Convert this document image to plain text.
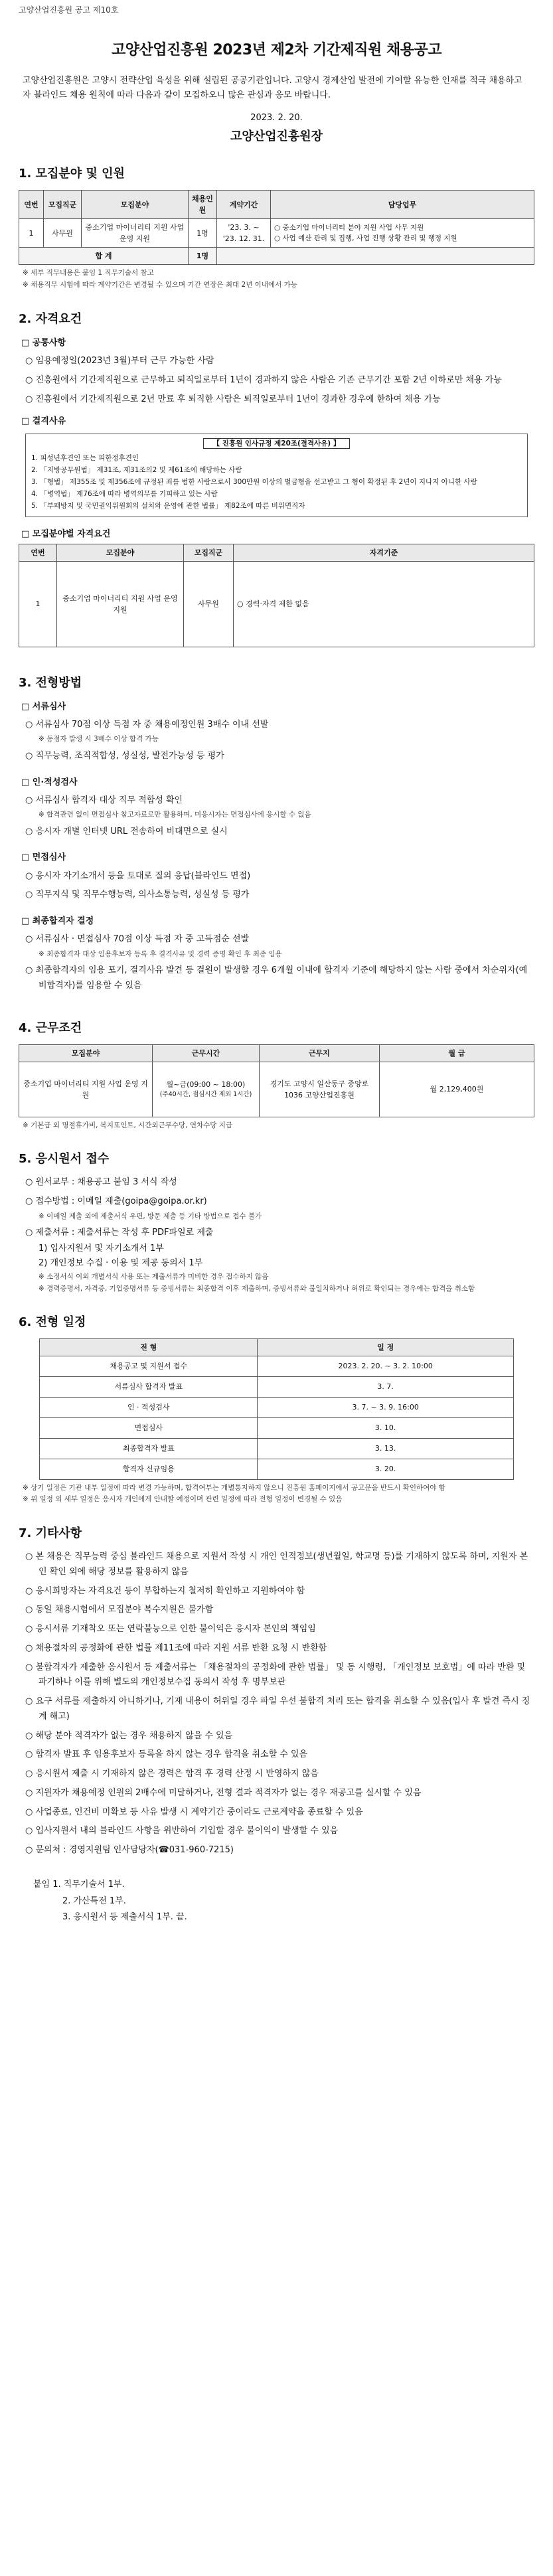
고양산업진흥원 공고 제10호
고양산업진흥원 2023년 제2차 기간제직원 채용공고
고양산업진흥원은 고양시 전략산업 육성을 위해 설립된 공공기관입니다. 고양시 경제산업 발전에 기여할 유능한 인재를 적극 채용하고자 블라인드 채용 원칙에 따라 다음과 같이 모집하오니 많은 관심과 응모 바랍니다.
2023. 2. 20.
고양산업진흥원장
1. 모집분야 및 인원
연번	모집직군	모집분야	채용인원	계약기간	담당업무
1	사무원	중소기업 마이너리티 지원 사업 운영 지원	1명	'23. 3. ~ '23. 12. 31.	○ 중소기업 마이너리티 분야 지원 사업 사무 지원
○ 사업 예산 관리 및 집행, 사업 진행 상황 관리 및 행정 지원

합 계			1명		
※ 세부 직무내용은 붙임 1 직무기술서 참고
※ 채용직무 시험에 따라 계약기간은 변경될 수 있으며 기간 연장은 최대 2년 이내에서 가능
2. 자격요건
□ 공통사항
○ 임용예정일(2023년 3월)부터 근무 가능한 사람
○ 진흥원에서 기간제직원으로 근무하고 퇴직일로부터 1년이 경과하지 않은 사람은 기존 근무기간 포함 2년 이하로만 채용 가능
○ 진흥원에서 기간제직원으로 2년 만료 후 퇴직한 사람은 퇴직일로부터 1년이 경과한 경우에 한하여 채용 가능
□ 결격사유
【 진흥원 인사규정 제20조(결격사유) 】
1. 피성년후견인 또는 피한정후견인
2. 「지방공무원법」 제31조, 제31조의2 및 제61조에 해당하는 사람
3. 「형법」 제355조 및 제356조에 규정된 죄를 범한 사람으로서 300만원 이상의 벌금형을 선고받고 그 형이 확정된 후 2년이 지나지 아니한 사람
4. 「병역법」 제76조에 따라 병역의무를 기피하고 있는 사람
5. 「부패방지 및 국민권익위원회의 설치와 운영에 관한 법률」 제82조에 따른 비위면직자
□ 모집분야별 자격요건
연번	모집분야	모집직군	자격기준
1	중소기업 마이너리티 지원 사업 운영 지원	사무원	○ 경력·자격 제한 없음
3. 전형방법
□ 서류심사
○ 서류심사 70점 이상 득점 자 중 채용예정인원 3배수 이내 선발
※ 동점자 발생 시 3배수 이상 합격 가능
○ 직무능력, 조직적합성, 성실성, 발전가능성 등 평가
□ 인·적성검사
○ 서류심사 합격자 대상 직무 적합성 확인
※ 합격관련 없이 면접심사 참고자료로만 활용하며, 미응시자는 면접심사에 응시할 수 없음
○ 응시자 개별 인터넷 URL 전송하여 비대면으로 실시
□ 면접심사
○ 응시자 자기소개서 등을 토대로 질의 응답(블라인드 면접)
○ 직무지식 및 직무수행능력, 의사소통능력, 성실성 등 평가
□ 최종합격자 결정
○ 서류심사 · 면접심사 70점 이상 득점 자 중 고득점순 선발
※ 최종합격자 대상 임용후보자 등록 후 결격사유 및 경력 증명 확인 후 최종 임용
○ 최종합격자의 임용 포기, 결격사유 발견 등 결원이 발생할 경우 6개월 이내에 합격자 기준에 해당하지 않는 사람 중에서 차순위자(예비합격자)를 임용할 수 있음
4. 근무조건
모집분야	근무시간	근무지	월 급
중소기업 마이너리티 지원 사업 운영 지원	월~금(09:00 ~ 18:00)
(주40시간, 점심시간 제외 1시간)	경기도 고양시 일산동구 중앙로 1036 고양산업진흥원	월 2,129,400원
※ 기본급 외 명절휴가비, 복지포인트, 시간외근무수당, 연차수당 지급
5. 응시원서 접수
○ 원서교부 : 채용공고 붙임 3 서식 작성
○ 접수방법 : 이메일 제출(goipa@goipa.or.kr)
※ 이메일 제출 외에 제출서식 우편, 방문 제출 등 기타 방법으로 접수 불가
○ 제출서류 : 제출서류는 작성 후 PDF파일로 제출
1) 입사지원서 및 자기소개서 1부
2) 개인정보 수집 · 이용 및 제공 동의서 1부
※ 소정서식 이외 개별서식 사용 또는 제출서류가 미비한 경우 접수하지 않음
※ 경력증명서, 자격증, 기업증명서류 등 증빙서류는 최종합격 이후 제출하며, 증빙서류와 불일치하거나 허위로 확인되는 경우에는 합격을 취소함
6. 전형 일정
전 형	일 정
채용공고 및 지원서 접수	2023. 2. 20. ~ 3. 2. 10:00
서류심사 합격자 발표	3. 7.
인 · 적성검사	3. 7. ~ 3. 9. 16:00
면접심사	3. 10.
최종합격자 발표	3. 13.
합격자 신규임용	3. 20.
※ 상기 일정은 기관 내부 일정에 따라 변경 가능하며, 합격여부는 개별통지하지 않으니 진흥원 홈페이지에서 공고문을 반드시 확인하여야 함
※ 위 일정 외 세부 일정은 응시자 개인에게 안내할 예정이며 관련 일정에 따라 전형 일정이 변경될 수 있음
7. 기타사항
○ 본 채용은 직무능력 중심 블라인드 채용으로 지원서 작성 시 개인 인적정보(생년월일, 학교명 등)를 기재하지 않도록 하며, 지원자 본인 확인 외에 해당 정보를 활용하지 않음
○ 응시희망자는 자격요건 등이 부합하는지 철저히 확인하고 지원하여야 함
○ 동일 채용시험에서 모집분야 복수지원은 불가함
○ 응시서류 기재착오 또는 연락불능으로 인한 불이익은 응시자 본인의 책임임
○ 채용절차의 공정화에 관한 법률 제11조에 따라 지원 서류 반환 요청 시 반환함
○ 불합격자가 제출한 응시원서 등 제출서류는 「채용절차의 공정화에 관한 법률」 및 동 시행령, 「개인정보 보호법」에 따라 반환 및 파기하나 이를 위해 별도의 개인정보수집 동의서 작성 후 명부보관
○ 요구 서류를 제출하지 아니하거나, 기재 내용이 허위일 경우 파일 우선 불합격 처리 또는 합격을 취소할 수 있음(입사 후 발견 즉시 징계 해고)
○ 해당 분야 적격자가 없는 경우 채용하지 않을 수 있음
○ 합격자 발표 후 임용후보자 등록을 하지 않는 경우 합격을 취소할 수 있음
○ 응시원서 제출 시 기재하지 않은 경력은 합격 후 경력 산정 시 반영하지 않음
○ 지원자가 채용예정 인원의 2배수에 미달하거나, 전형 결과 적격자가 없는 경우 재공고를 실시할 수 있음
○ 사업종료, 인건비 미확보 등 사유 발생 시 계약기간 중이라도 근로계약을 종료할 수 있음
○ 입사지원서 내의 블라인드 사항을 위반하여 기입할 경우 불이익이 발생할 수 있음
○ 문의처 : 경영지원팀 인사담당자(☎031-960-7215)
붙임 1. 직무기술서 1부.
2. 가산특전 1부.
3. 응시원서 등 제출서식 1부. 끝.
